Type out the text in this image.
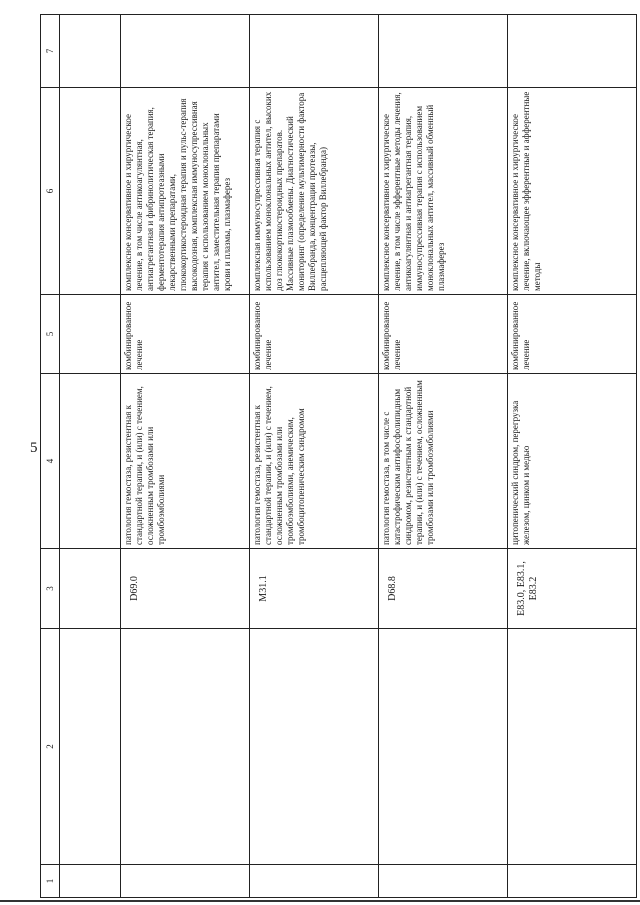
5
1	2	3	4	5	6	7

		D69.0	патология гемостаза, резистентная к стандартной терапии, и (или) с течением, осложненным тромбозами или тромбоэмболиями	комбинированное лечение	комплексное консервативное и хирургическое лечение, в том числе антикоагулянтная, антиагрегантная и фибринолитическая терапия, ферментотерапия антипротеазными лекарственными препаратами, глюкокортикостероидная терапия и пульс-терапия высокодозная, комплексная иммуносупрессивная терапия с использованием моноклональных антител, заместительная терапия препаратами крови и плазмы, плазмаферез	
		M31.1	патология гемостаза, резистентная к стандартной терапии, и (или) с течением, осложненным тромбозами или тромбоэмболиями, анемическим, тромбоцитопеническим синдромом	комбинированное лечение	комплексная иммуносупрессивная терапия с использованием моноклональных антител, высоких доз глюкокортикостероидных препаратов. Массивные плазмообмены. Диагностический мониторинг (определение мультимерности фактора Виллебранда, концентрации протеазы, расщепляющей фактор Виллебранда)	
		D68.8	патология гемостаза, в том числе с катастрофическим антифосфолипидным синдромом, резистентным к стандартной терапии, и (или) с течением, осложненным тромбозами или тромбоэмболиями	комбинированное лечение	комплексное консервативное и хирургическое лечение, в том числе эфферентные методы лечения, антикоагулянтная и антиагрегантная терапия, иммуносупрессивная терапия с использованием моноклональных антител, массивный обменный плазмаферез	
		E83.0, E83.1, E83.2	цитопенический синдром, перегрузка железом, цинком и медью	комбинированное лечение	комплексное консервативное и хирургическое лечение, включающее эфферентные и афферентные методы	
